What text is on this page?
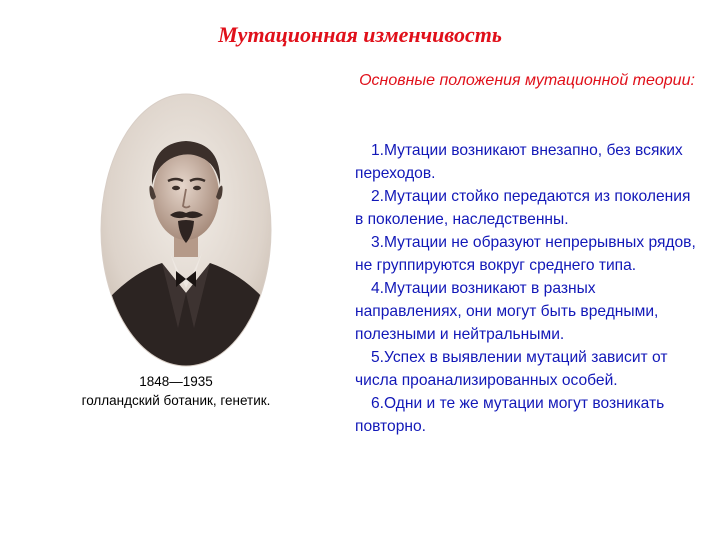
Мутационная изменчивость
1848—1935
голландский ботаник, генетик.
Основные положения мутационной теории:
1.Мутации возникают внезапно, без всяких переходов.
2.Мутации стойко передаются из поколения в поколение, наследственны.
3.Мутации не образуют непрерывных рядов, не группируются вокруг среднего типа.
4.Мутации возникают в разных направлениях, они могут быть вредными, полезными и нейтральными.
5.Успех в выявлении мутаций зависит от числа проанализированных особей.
6.Одни и те же мутации могут возникать повторно.
